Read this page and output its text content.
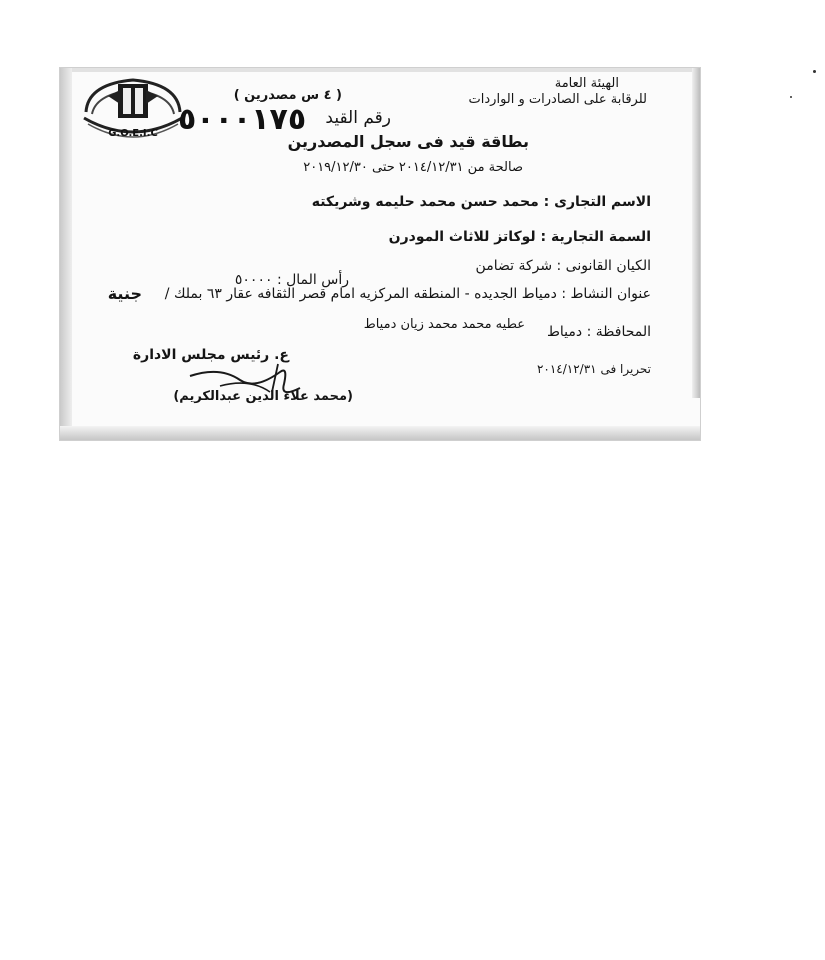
G.O.E.I.C
الهيئة العامة
للرقابة على الصادرات و الواردات
( ٤ س مصدرين )
رقم القيد
٥٠٠٠١٧٥
بطاقة قيد فى سجل المصدرين
صالحة من ٢٠١٤/١٢/٣١ حتى ٢٠١٩/١٢/٣٠
الاسم التجارى : محمد حسن محمد حليمه وشريكته
السمة التجارية : لوكاتز للاثاث المودرن
الكيان القانونى : شركة تضامن
رأس المال : ٥٠٠٠٠
جنية عنوان النشاط : دمياط الجديده - المنطقه المركزيه امام قصر الثقافه عقار ٦٣ بملك /
عطيه محمد محمد زيان دمياط المحافظة : دمياط
تحريرا فى ٢٠١٤/١٢/٣١
ع. رئيس مجلس الادارة
(محمد علاء الدين عبدالكريم)
